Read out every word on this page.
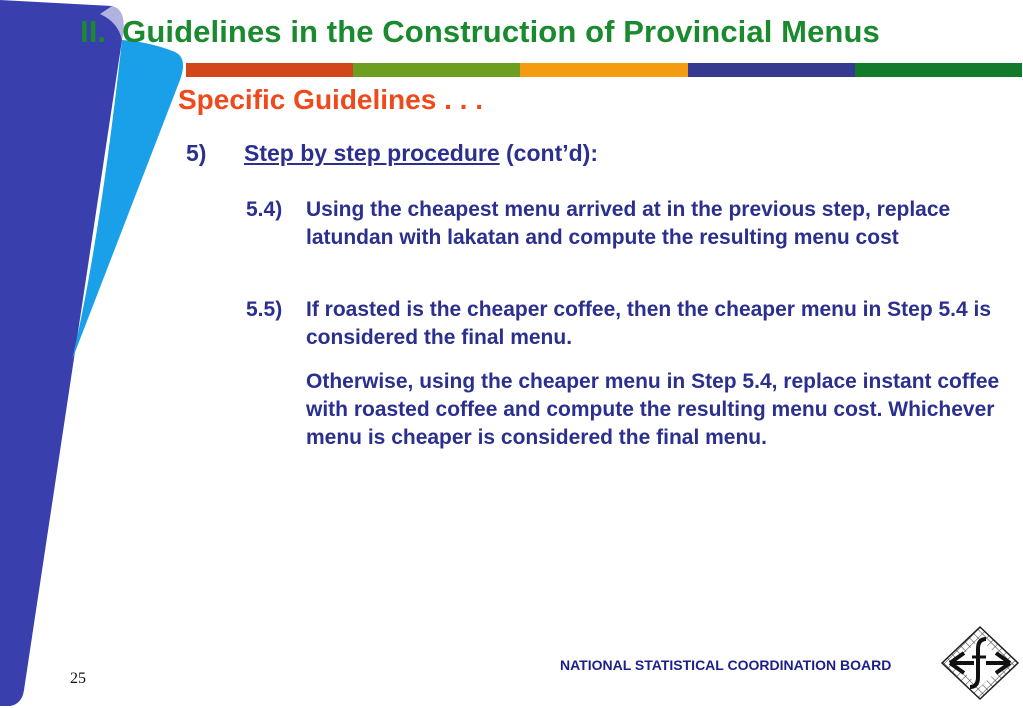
II. Guidelines in the Construction of Provincial Menus
Specific Guidelines . . .
5) Step by step procedure (cont’d):
5.4) Using the cheapest menu arrived at in the previous step, replace latundan with lakatan and compute the resulting menu cost
5.5) If roasted is the cheaper coffee, then the cheaper menu in Step 5.4 is considered the final menu.
Otherwise, using the cheaper menu in Step 5.4, replace instant coffee with roasted coffee and compute the resulting menu cost. Whichever menu is cheaper is considered the final menu.
25
NATIONAL STATISTICAL COORDINATION BOARD
